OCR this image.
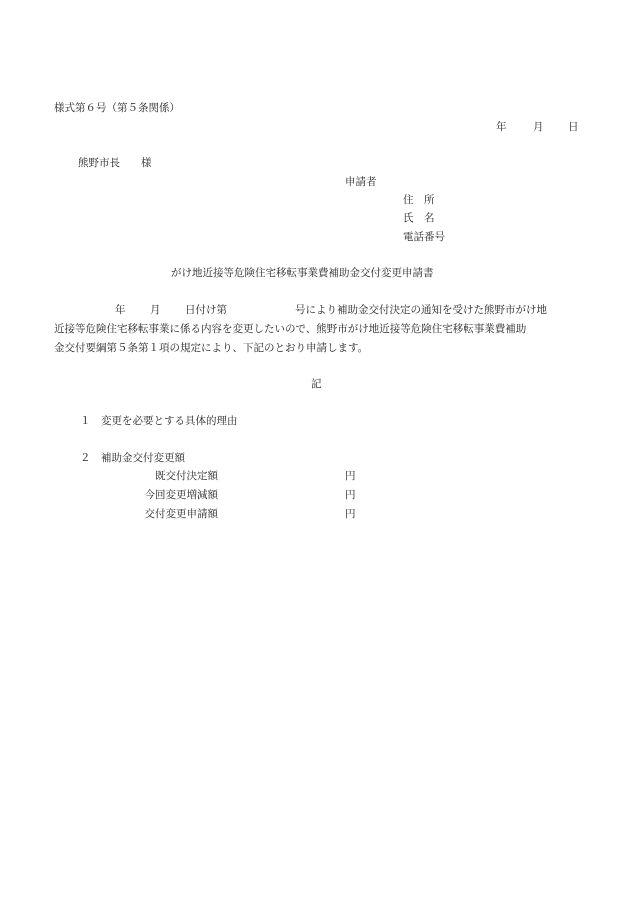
様式第６号（第５条関係）
年	月 日
熊野市長 様
申請者
住　所
氏　名
電話番号
がけ地近接等危険住宅移転事業費補助金交付変更申請書

年 月 日付け第	号により補助金交付決定の通知を受けた熊野市がけ地

近接等危険住宅移転事業に係る内容を変更したいので、熊野市がけ地近接等危険住宅移転事業費補助

金交付要綱第５条第１項の規定により、下記のとおり申請します。

記
１ 変更を必要とする具体的理由
２ 補助金交付変更額
既交付決定額	円
今回変更増減額	円
交付変更申請額	円
